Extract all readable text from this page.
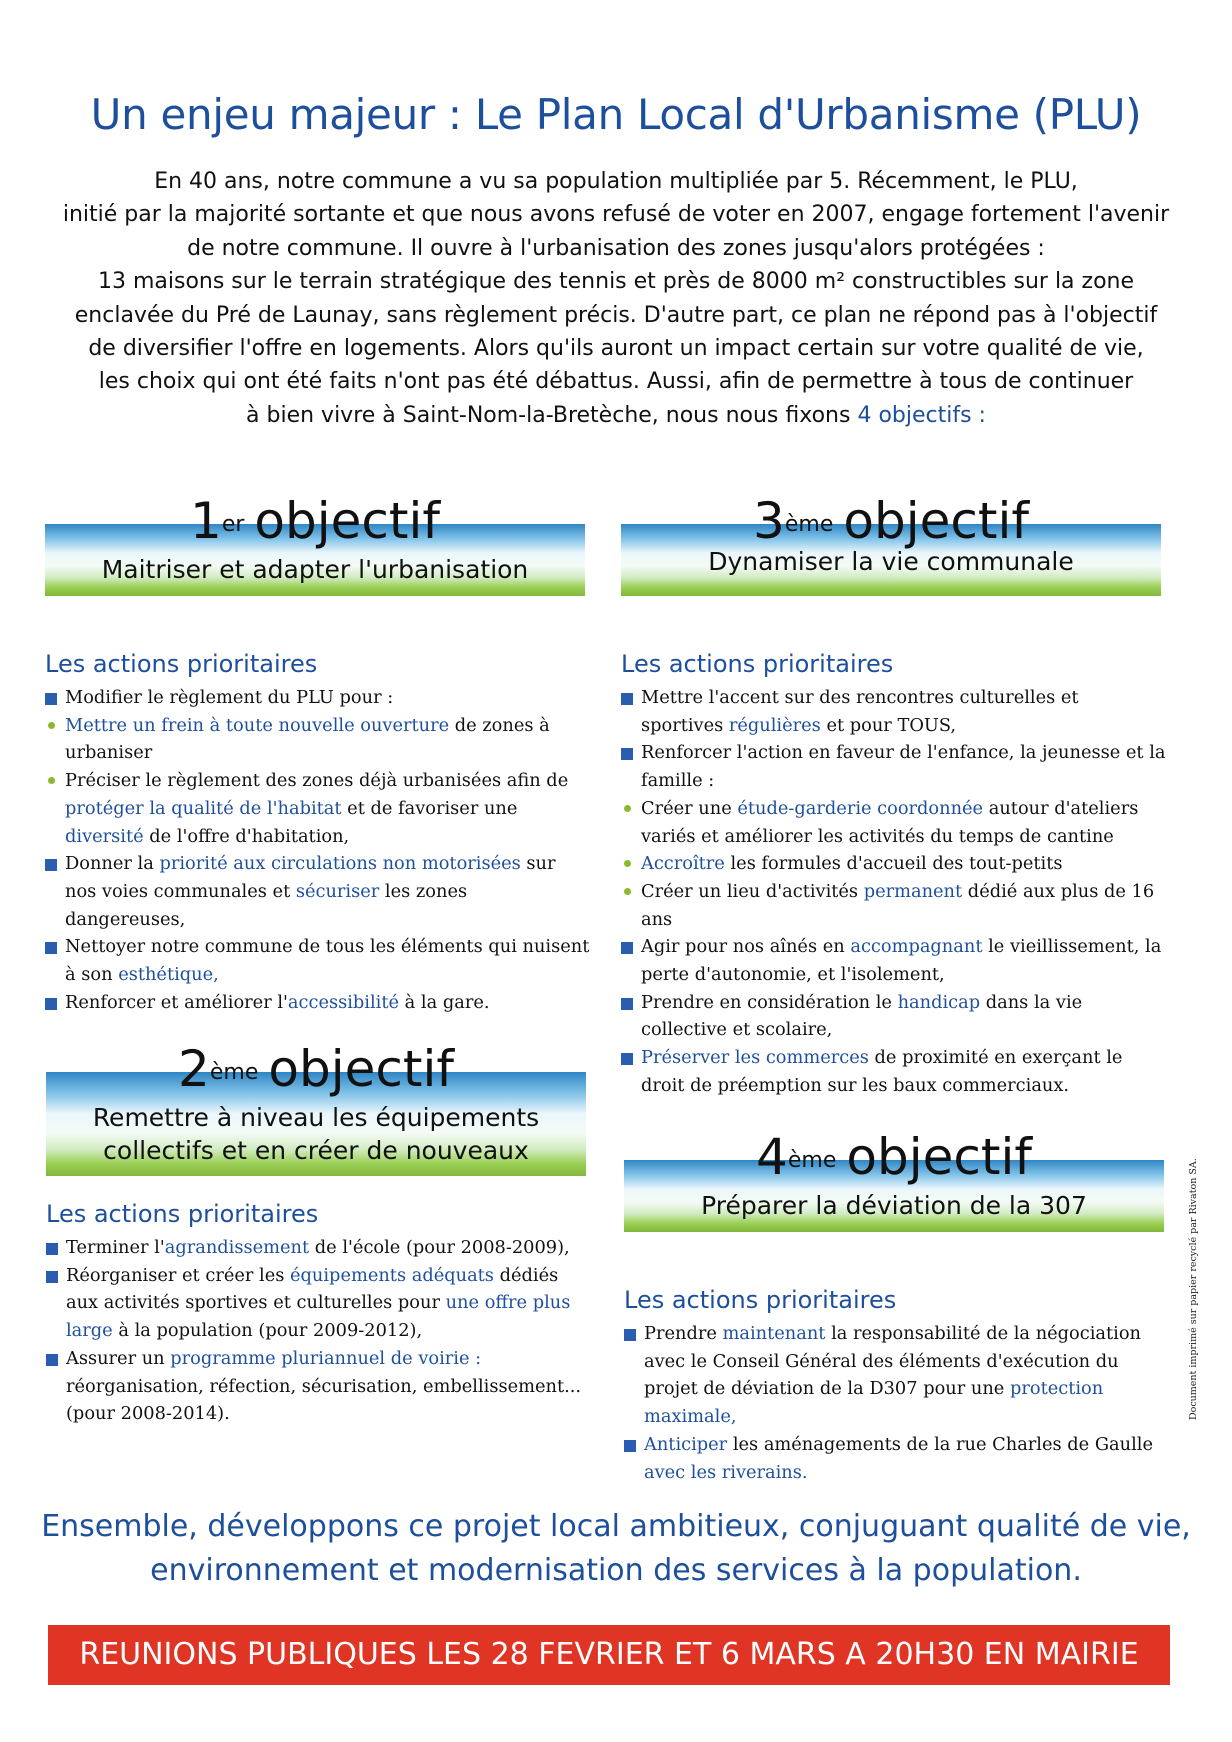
Un enjeu majeur : Le Plan Local d'Urbanisme (PLU)

En 40 ans, notre commune a vu sa population multipliée par 5. Récemment, le PLU,

initié par la majorité sortante et que nous avons refusé de voter en 2007, engage fortement l'avenir

de notre commune. Il ouvre à l'urbanisation des zones jusqu'alors protégées :

13 maisons sur le terrain stratégique des tennis et près de 8000 m² constructibles sur la zone

enclavée du Pré de Launay, sans règlement précis. D'autre part, ce plan ne répond pas à l'objectif

de diversifier l'offre en logements. Alors qu'ils auront un impact certain sur votre qualité de vie,

les choix qui ont été faits n'ont pas été débattus. Aussi, afin de permettre à tous de continuer

à bien vivre à Saint-Nom-la-Bretèche, nous nous fixons 4 objectifs :

1er objectif
Maitriser et adapter l'urbanisation
Les actions prioritaires
Modifier le règlement du PLU pour :
Mettre un frein à toute nouvelle ouverture de zones à urbaniser
Préciser le règlement des zones déjà urbanisées afin de protéger la qualité de l'habitat et de favoriser une diversité de l'offre d'habitation,
Donner la priorité aux circulations non motorisées sur nos voies communales et sécuriser les zones dangereuses,
Nettoyer notre commune de tous les éléments qui nuisent à son esthétique,
Renforcer et améliorer l'accessibilité à la gare.
2ème objectif
Remettre à niveau les équipements
collectifs et en créer de nouveaux
Les actions prioritaires
Terminer l'agrandissement de l'école (pour 2008-2009),
Réorganiser et créer les équipements adéquats dédiés aux activités sportives et culturelles pour une offre plus large à la population (pour 2009-2012),
Assurer un programme pluriannuel de voirie : réorganisation, réfection, sécurisation, embellissement... (pour 2008-2014).
3ème objectif
Dynamiser la vie communale
Les actions prioritaires
Mettre l'accent sur des rencontres culturelles et sportives régulières et pour TOUS,
Renforcer l'action en faveur de l'enfance, la jeunesse et la famille :
Créer une étude-garderie coordonnée autour d'ateliers variés et améliorer les activités du temps de cantine
Accroître les formules d'accueil des tout-petits
Créer un lieu d'activités permanent dédié aux plus de 16 ans
Agir pour nos aînés en accompagnant le vieillissement, la perte d'autonomie, et l'isolement,
Prendre en considération le handicap dans la vie collective et scolaire,
Préserver les commerces de proximité en exerçant le droit de préemption sur les baux commerciaux.
4ème objectif
Préparer la déviation de la 307
Les actions prioritaires
Prendre maintenant la responsabilité de la négociation avec le Conseil Général des éléments d'exécution du projet de déviation de la D307 pour une protection maximale,
Anticiper les aménagements de la rue Charles de Gaulle avec les riverains.

Ensemble, développons ce projet local ambitieux, conjuguant qualité de vie,

environnement et modernisation des services à la population.

REUNIONS PUBLIQUES LES 28 FEVRIER ET 6 MARS A 20H30 EN MAIRIE
Document imprimé sur papier recyclé par Rivaton SA.
